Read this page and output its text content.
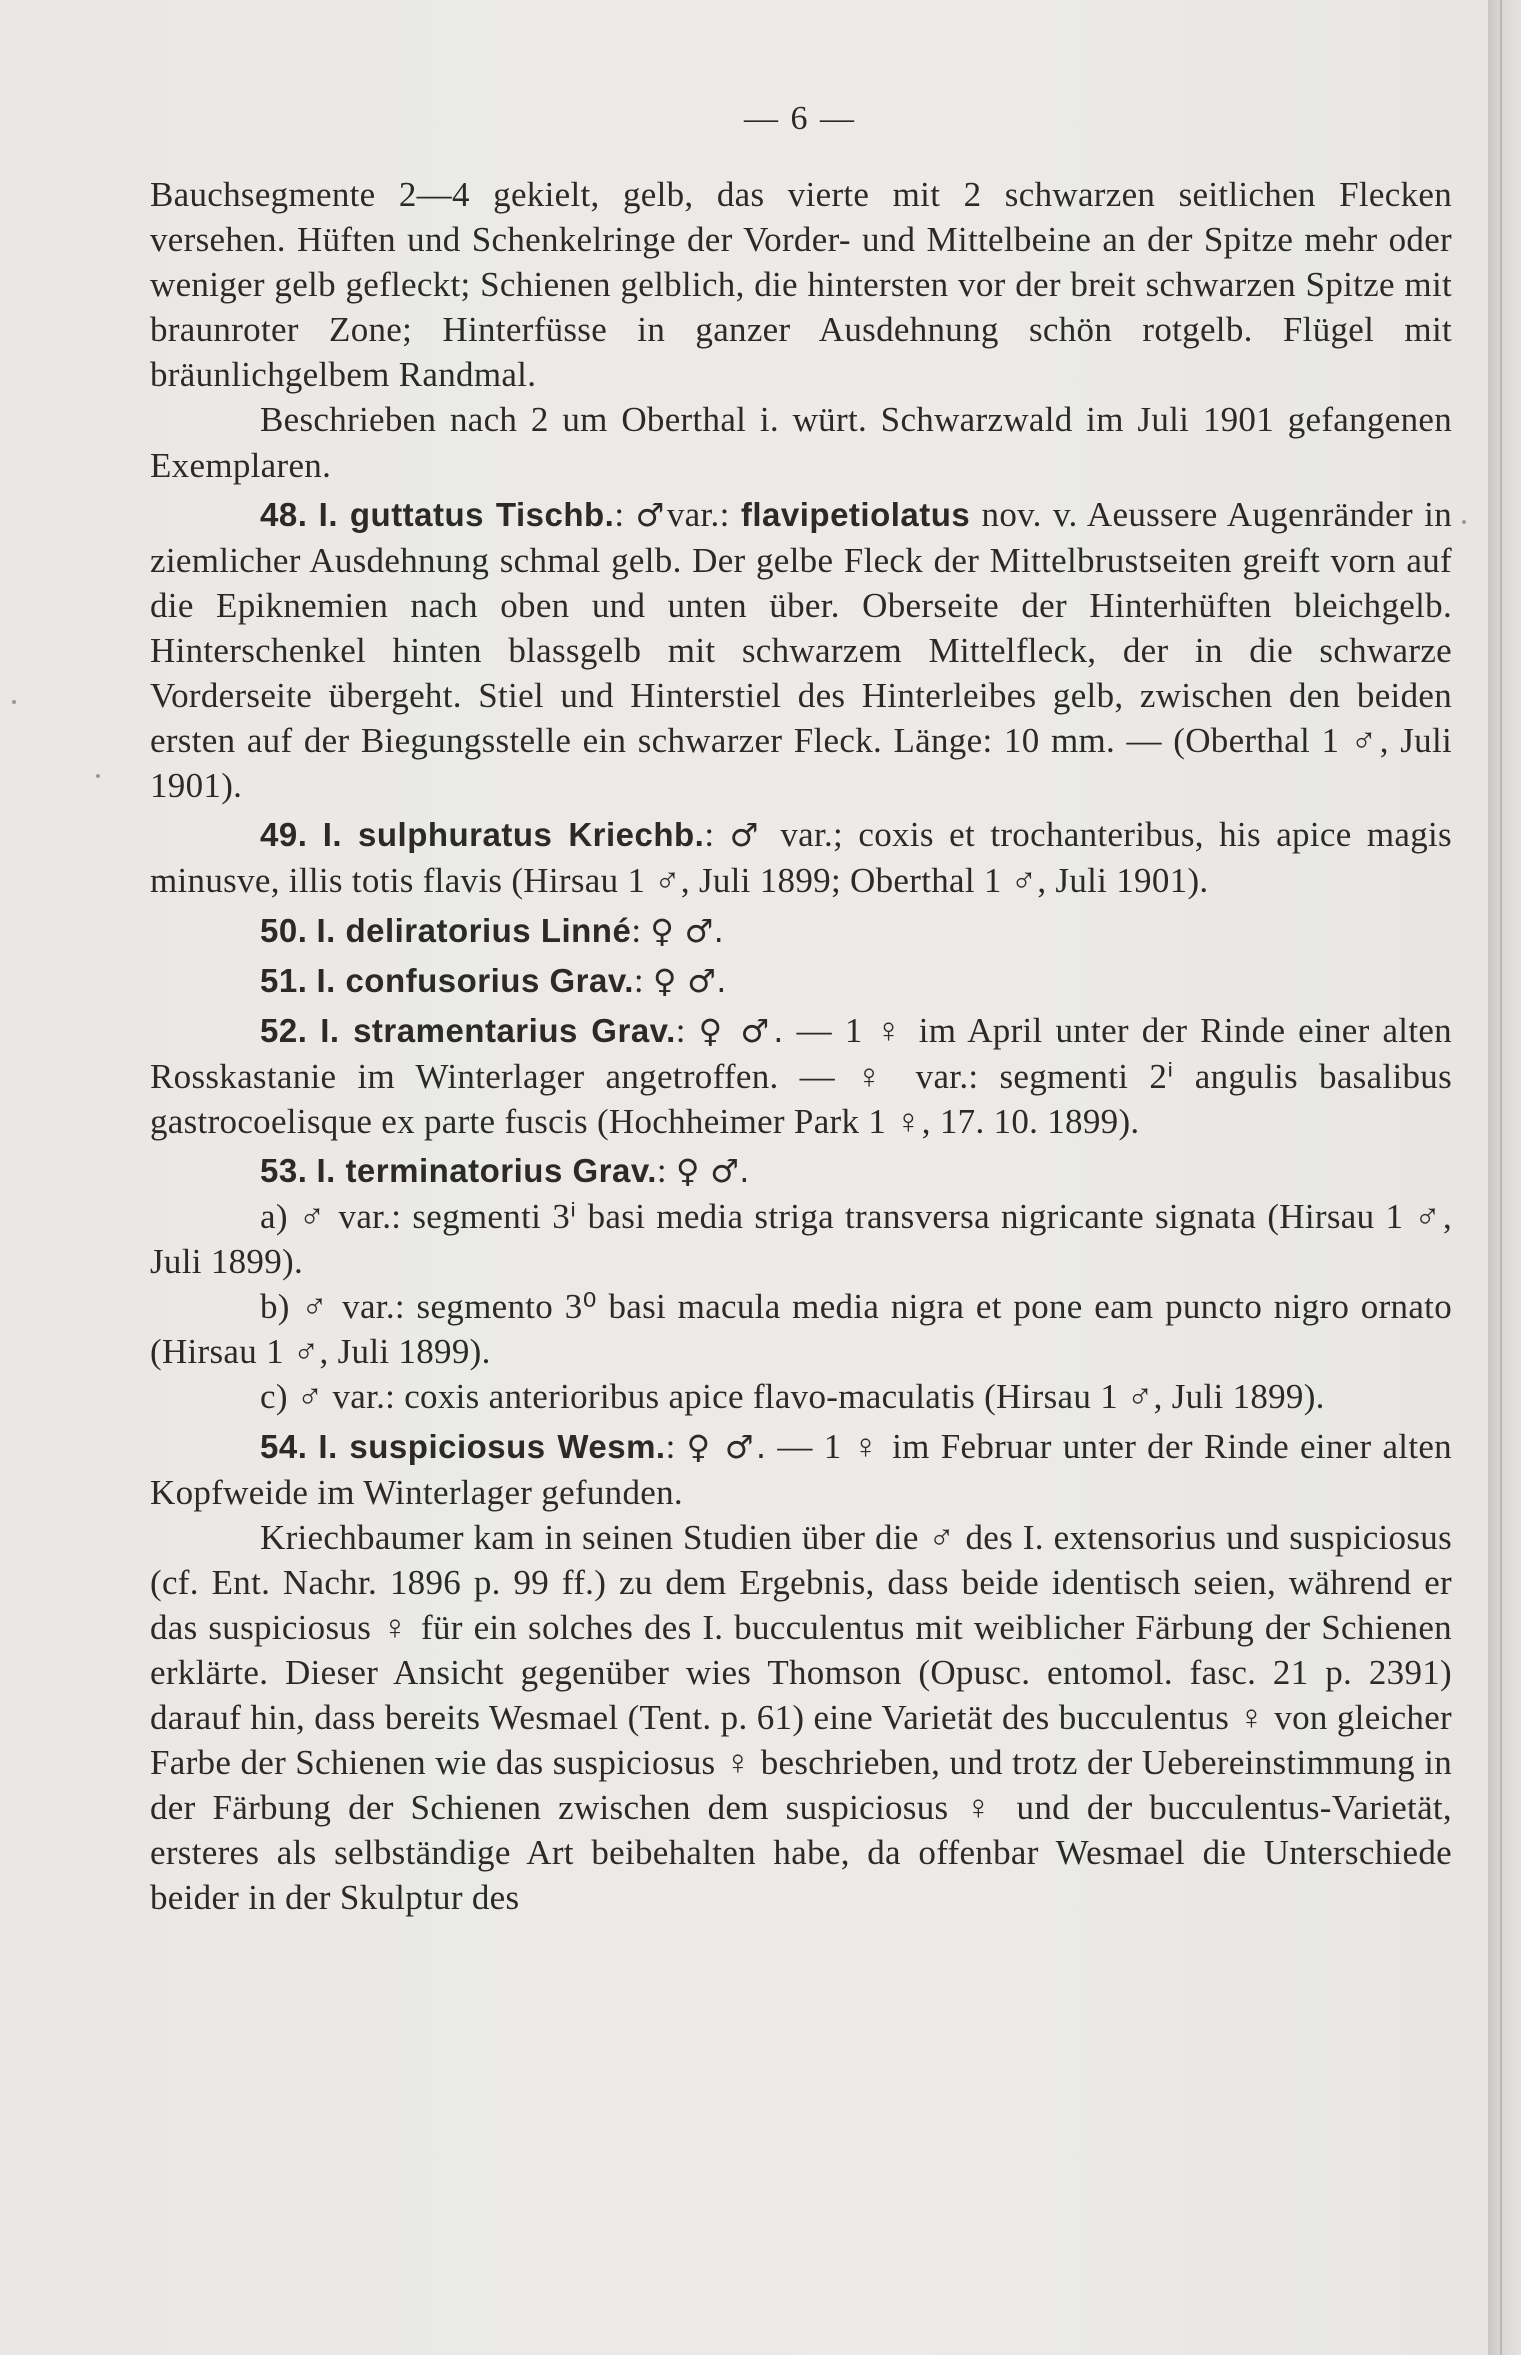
— 6 —

Bauchsegmente 2—4 gekielt, gelb, das vierte mit 2 schwarzen seitlichen Flecken versehen. Hüften und Schenkelringe der Vorder- und Mittelbeine an der Spitze mehr oder weniger gelb gefleckt; Schienen gelblich, die hintersten vor der breit schwarzen Spitze mit braunroter Zone; Hinterfüsse in ganzer Ausdehnung schön rotgelb. Flügel mit bräunlichgelbem Randmal.

Beschrieben nach 2 um Oberthal i. würt. Schwarzwald im Juli 1901 gefangenen Exemplaren.

48. I. guttatus Tischb.: ♂var.: flavipetiolatus nov. v. Aeussere Augenränder in ziemlicher Ausdehnung schmal gelb. Der gelbe Fleck der Mittelbrustseiten greift vorn auf die Epiknemien nach oben und unten über. Oberseite der Hinterhüften bleichgelb. Hinterschenkel hinten blassgelb mit schwarzem Mittelfleck, der in die schwarze Vorderseite übergeht. Stiel und Hinterstiel des Hinterleibes gelb, zwischen den beiden ersten auf der Biegungsstelle ein schwarzer Fleck. Länge: 10 mm. — (Oberthal 1 ♂, Juli 1901).

49. I. sulphuratus Kriechb.: ♂ var.; coxis et trochanteribus, his apice magis minusve, illis totis flavis (Hirsau 1 ♂, Juli 1899; Oberthal 1 ♂, Juli 1901).

50. I. deliratorius Linné: ♀ ♂.

51. I. confusorius Grav.: ♀ ♂.

52. I. stramentarius Grav.: ♀ ♂. — 1 ♀ im April unter der Rinde einer alten Rosskastanie im Winterlager angetroffen. — ♀ var.: segmenti 2ⁱ angulis basalibus gastrocoelisque ex parte fuscis (Hochheimer Park 1 ♀, 17. 10. 1899).

53. I. terminatorius Grav.: ♀ ♂.

a) ♂ var.: segmenti 3ⁱ basi media striga transversa nigricante signata (Hirsau 1 ♂, Juli 1899).

b) ♂ var.: segmento 3⁰ basi macula media nigra et pone eam puncto nigro ornato (Hirsau 1 ♂, Juli 1899).

c) ♂ var.: coxis anterioribus apice flavo-maculatis (Hirsau 1 ♂, Juli 1899).

54. I. suspiciosus Wesm.: ♀ ♂. — 1 ♀ im Februar unter der Rinde einer alten Kopfweide im Winterlager gefunden.

Kriechbaumer kam in seinen Studien über die ♂ des I. extensorius und suspiciosus (cf. Ent. Nachr. 1896 p. 99 ff.) zu dem Ergebnis, dass beide identisch seien, während er das suspiciosus ♀ für ein solches des I. bucculentus mit weiblicher Färbung der Schienen erklärte. Dieser Ansicht gegenüber wies Thomson (Opusc. entomol. fasc. 21 p. 2391) darauf hin, dass bereits Wesmael (Tent. p. 61) eine Varietät des bucculentus ♀ von gleicher Farbe der Schienen wie das suspiciosus ♀ beschrieben, und trotz der Uebereinstimmung in der Färbung der Schienen zwischen dem suspiciosus ♀ und der bucculentus-Varietät, ersteres als selbständige Art beibehalten habe, da offenbar Wesmael die Unterschiede beider in der Skulptur des
